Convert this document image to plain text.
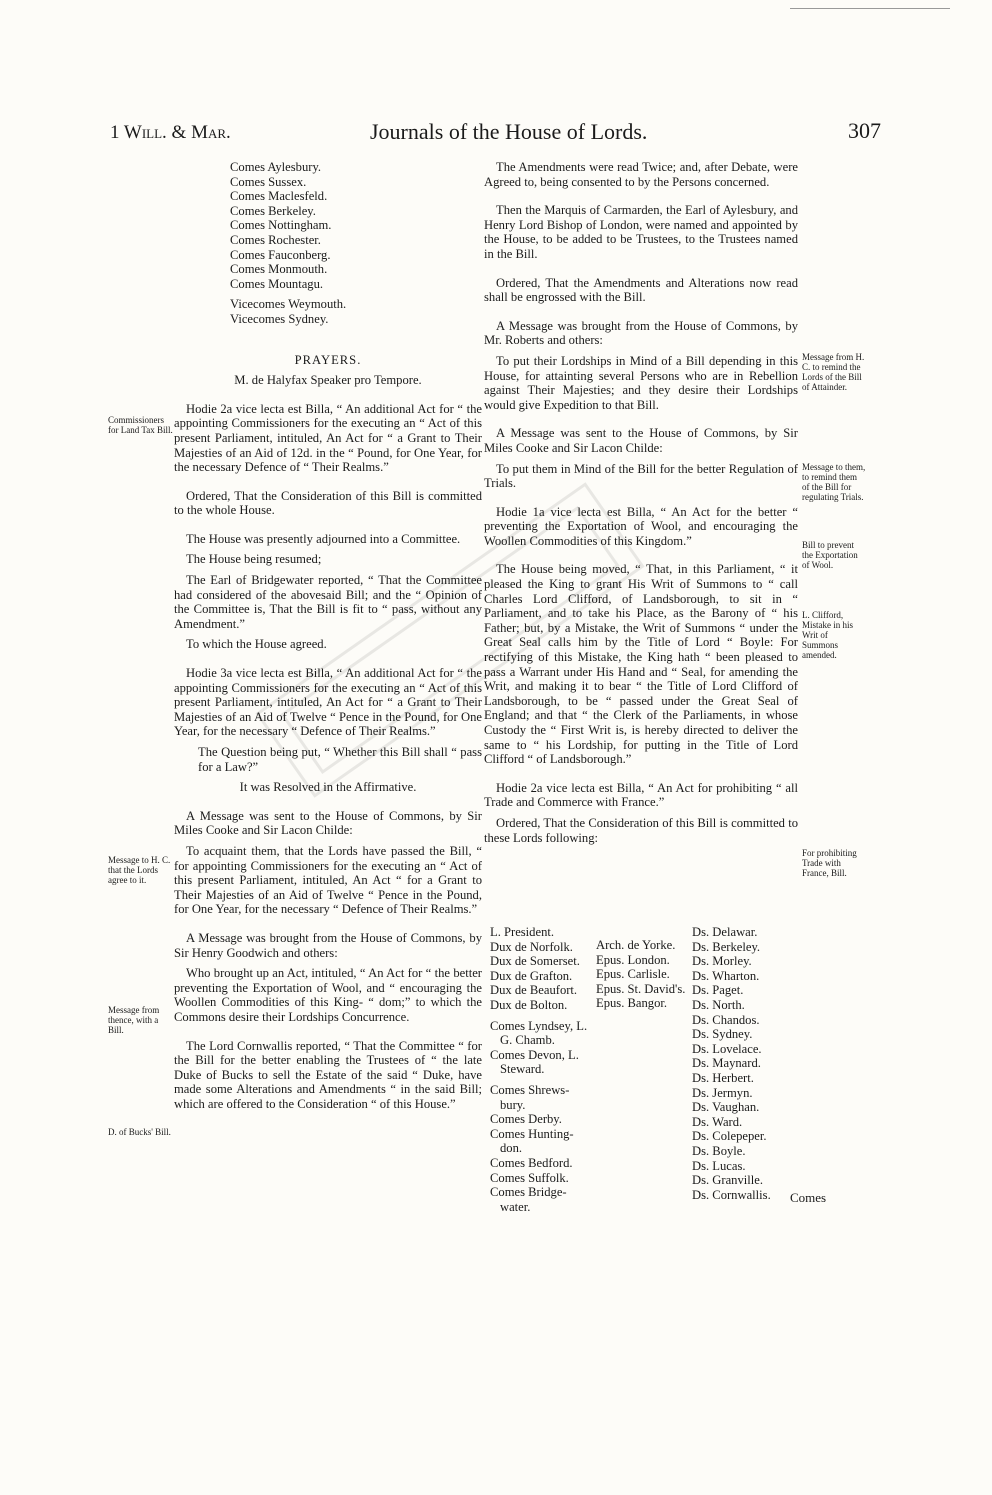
1 Will. & Mar.	Journals of the House of Lords.	307
Comes Aylesbury.
Comes Sussex.
Comes Maclesfeld.
Comes Berkeley.
Comes Nottingham.
Comes Rochester.
Comes Fauconberg.
Comes Monmouth.
Comes Mountagu.
Vicecomes Weymouth.
Vicecomes Sydney.

PRAYERS.

M. de Halyfax Speaker pro Tempore.

Hodie 2a vice lecta est Billa, “ An additional Act for “ the appointing Commissioners for the executing an “ Act of this present Parliament, intituled, An Act for “ a Grant to Their Majesties of an Aid of 12d. in the “ Pound, for One Year, for the necessary Defence of “ Their Realms.”

Ordered, That the Consideration of this Bill is committed to the whole House.

The House was presently adjourned into a Committee.

The House being resumed;

The Earl of Bridgewater reported, “ That the Committee had considered of the abovesaid Bill; and the “ Opinion of the Committee is, That the Bill is fit to “ pass, without any Amendment.”

To which the House agreed.

Hodie 3a vice lecta est Billa, “ An additional Act for “ the appointing Commissioners for the executing an “ Act of this present Parliament, intituled, An Act for “ a Grant to Their Majesties of an Aid of Twelve “ Pence in the Pound, for One Year, for the necessary “ Defence of Their Realms.”

The Question being put, “ Whether this Bill shall “ pass for a Law?”

It was Resolved in the Affirmative.

A Message was sent to the House of Commons, by Sir Miles Cooke and Sir Lacon Childe:

To acquaint them, that the Lords have passed the Bill, “ for appointing Commissioners for the executing an “ Act of this present Parliament, intituled, An Act “ for a Grant to Their Majesties of an Aid of Twelve “ Pence in the Pound, for One Year, for the necessary “ Defence of Their Realms.”

A Message was brought from the House of Commons, by Sir Henry Goodwich and others:

Who brought up an Act, intituled, “ An Act for “ the better preventing the Exportation of Wool, and “ encouraging the Woollen Commodities of this King- “ dom;” to which the Commons desire their Lordships Concurrence.

The Lord Cornwallis reported, “ That the Committee “ for the Bill for the better enabling the Trustees of “ the late Duke of Bucks to sell the Estate of the said “ Duke, have made some Alterations and Amendments “ in the said Bill; which are offered to the Consideration “ of this House.”

The Amendments were read Twice; and, after Debate, were Agreed to, being consented to by the Persons concerned.

Then the Marquis of Carmarden, the Earl of Aylesbury, and Henry Lord Bishop of London, were named and appointed by the House, to be added to be Trustees, to the Trustees named in the Bill.

Ordered, That the Amendments and Alterations now read shall be engrossed with the Bill.

A Message was brought from the House of Commons, by Mr. Roberts and others:

To put their Lordships in Mind of a Bill depending in this House, for attainting several Persons who are in Rebellion against Their Majesties; and they desire their Lordships would give Expedition to that Bill.

A Message was sent to the House of Commons, by Sir Miles Cooke and Sir Lacon Childe:

To put them in Mind of the Bill for the better Regulation of Trials.

Hodie 1a vice lecta est Billa, “ An Act for the better “ preventing the Exportation of Wool, and encouraging the Woollen Commodities of this Kingdom.”

The House being moved, “ That, in this Parliament, “ it pleased the King to grant His Writ of Summons to “ call Charles Lord Clifford, of Landsborough, to sit in “ Parliament, and to take his Place, as the Barony of “ his Father; but, by a Mistake, the Writ of Summons “ under the Great Seal calls him by the Title of Lord “ Boyle: For rectifying of this Mistake, the King hath “ been pleased to pass a Warrant under His Hand and “ Seal, for amending the Writ, and making it to bear “ the Title of Lord Clifford of Landsborough, to be “ passed under the Great Seal of England; and that “ the Clerk of the Parliaments, in whose Custody the “ First Writ is, is hereby directed to deliver the same to “ his Lordship, for putting in the Title of Lord Clifford “ of Landsborough.”

Hodie 2a vice lecta est Billa, “ An Act for prohibiting “ all Trade and Commerce with France.”

Ordered, That the Consideration of this Bill is committed to these Lords following:

L. President.
Dux de Norfolk.
Dux de Somerset.
Dux de Grafton.
Dux de Beaufort.
Dux de Bolton.
Comes Lyndsey, L.
G. Chamb.
Comes Devon, L.
Steward.
Comes Shrews-
bury.
Comes Derby.
Comes Hunting-
don.
Comes Bedford.
Comes Suffolk.
Comes Bridge-
water.
Arch. de Yorke.
Epus. London.
Epus. Carlisle.
Epus. St. David's.
Epus. Bangor.
Ds. Delawar.
Ds. Berkeley.
Ds. Morley.
Ds. Wharton.
Ds. Paget.
Ds. North.
Ds. Chandos.
Ds. Sydney.
Ds. Lovelace.
Ds. Maynard.
Ds. Herbert.
Ds. Jermyn.
Ds. Vaughan.
Ds. Ward.
Ds. Colepeper.
Ds. Boyle.
Ds. Lucas.
Ds. Granville.
Ds. Cornwallis.
Commissioners for Land Tax Bill.
Message to H. C. that the Lords agree to it.
Message from thence, with a Bill.
D. of Bucks' Bill.
Message from H. C. to remind the Lords of the Bill of Attainder.
Message to them, to remind them of the Bill for regulating Trials.
Bill to prevent the Exportation of Wool.
L. Clifford, Mistake in his Writ of Summons amended.
For prohibiting Trade with France, Bill.
Comes
